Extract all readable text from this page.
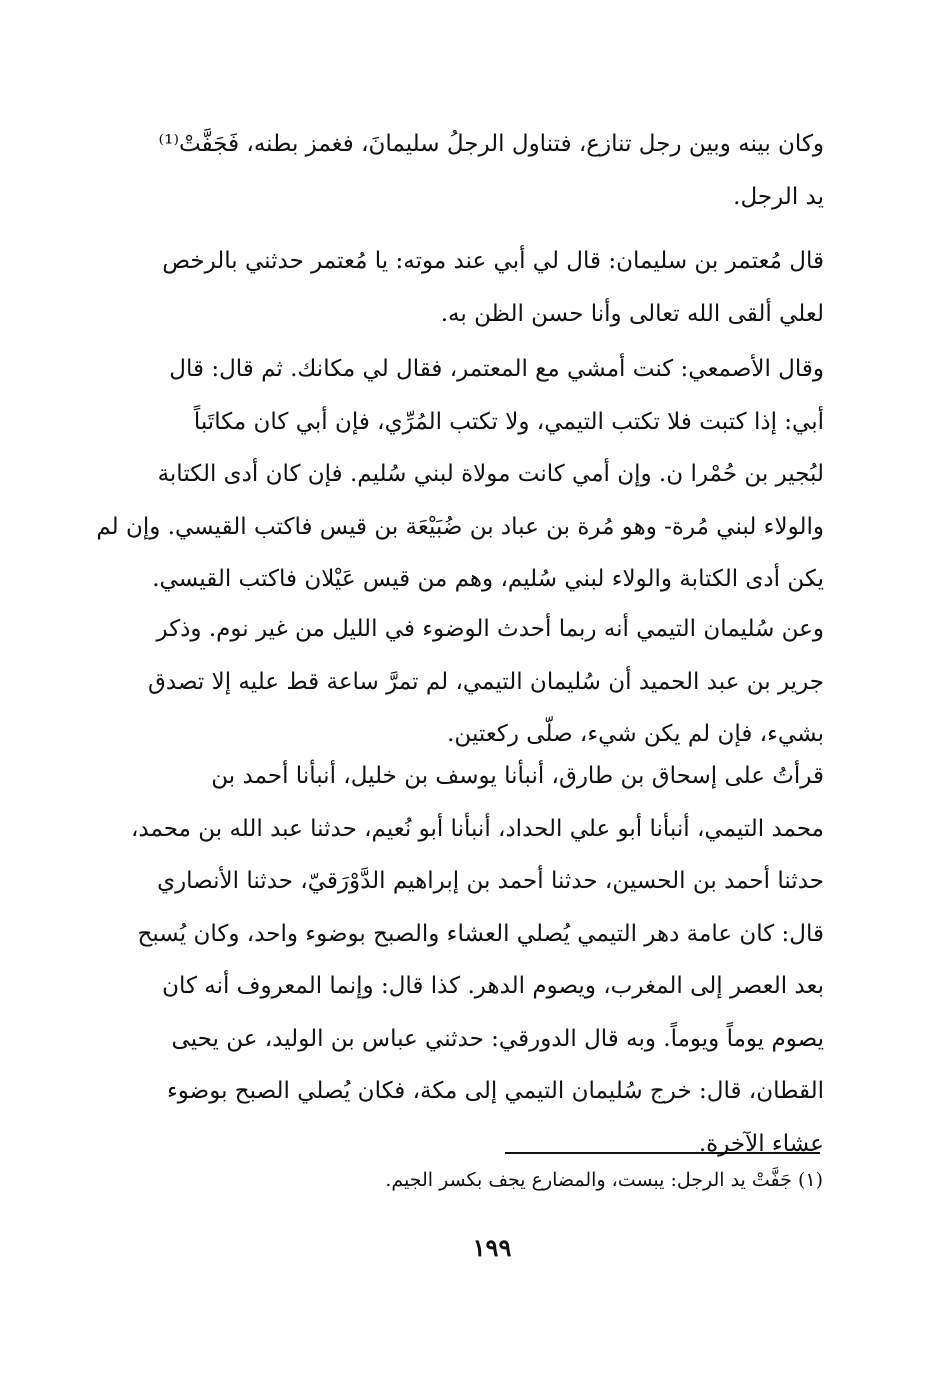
وكان بينه وبين رجل تنازع، فتناول الرجلُ سليمانَ، فغمز بطنه، فَجَفَّتْ⁽¹⁾
يد الرجل.

قال مُعتمر بن سليمان: قال لي أبي عند موته: يا مُعتمر حدثني بالرخص
لعلي ألقى الله تعالى وأنا حسن الظن به.

وقال الأصمعي: كنت أمشي مع المعتمر، فقال لي مكانك. ثم قال: قال
أبي: إذا كتبت فلا تكتب التيمي، ولا تكتب المُرِّي، فإن أبي كان مكاتَباً
لبُجير بن حُمْرا ن. وإن أمي كانت مولاة لبني سُليم. فإن كان أدى الكتابة
والولاء لبني مُرة- وهو مُرة بن عباد بن ضُبَيْعَة بن قيس فاكتب القيسي. وإن لم
يكن أدى الكتابة والولاء لبني سُليم، وهم من قيس عَيْلان فاكتب القيسي.

وعن سُليمان التيمي أنه ربما أحدث الوضوء في الليل من غير نوم. وذكر
جرير بن عبد الحميد أن سُليمان التيمي، لم تمرَّ ساعة قط عليه إلا تصدق
بشيء، فإن لم يكن شيء، صلّى ركعتين.

قرأتُ على إسحاق بن طارق، أنبأنا يوسف بن خليل، أنبأنا أحمد بن
محمد التيمي، أنبأنا أبو علي الحداد، أنبأنا أبو نُعيم، حدثنا عبد الله بن محمد،
حدثنا أحمد بن الحسين، حدثنا أحمد بن إبراهيم الدَّوْرَقيّ، حدثنا الأنصاري
قال: كان عامة دهر التيمي يُصلي العشاء والصبح بوضوء واحد، وكان يُسبح
بعد العصر إلى المغرب، ويصوم الدهر. كذا قال: وإنما المعروف أنه كان
يصوم يوماً ويوماً. وبه قال الدورقي: حدثني عباس بن الوليد، عن يحيى
القطان، قال: خرج سُليمان التيمي إلى مكة، فكان يُصلي الصبح بوضوء
عشاء الآخرة.

(١) جَفَّتْ يد الرجل: يبست، والمضارع يجف بكسر الجيم.
١٩٩
